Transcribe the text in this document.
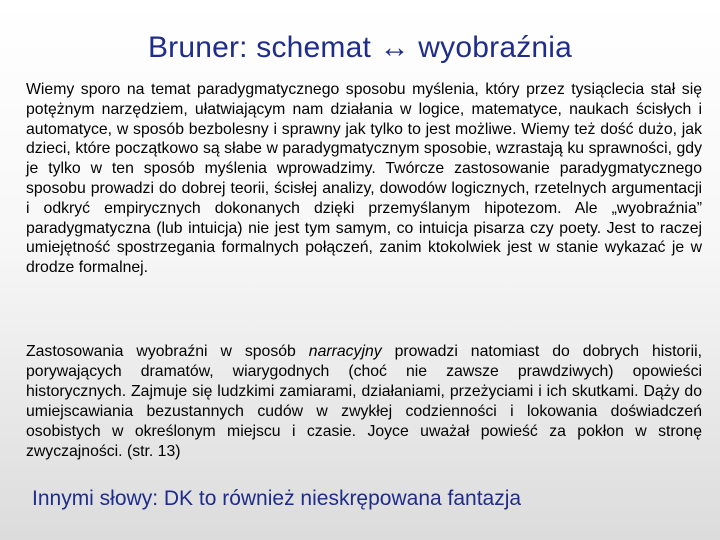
Bruner: schemat ↔ wyobraźnia
Wiemy sporo na temat paradygmatycznego sposobu myślenia, który przez tysiąclecia stał się potężnym narzędziem, ułatwiającym nam działania w logice, matematyce, naukach ścisłych i automatyce, w sposób bezbolesny i sprawny jak tylko to jest możliwe. Wiemy też dość dużo, jak dzieci, które początkowo są słabe w paradygmatycznym sposobie, wzrastają ku sprawności, gdy je tylko w ten sposób myślenia wprowadzimy. Twórcze zastosowanie paradygmatycznego sposobu prowadzi do dobrej teorii, ścisłej analizy, dowodów logicznych, rzetelnych argumentacji i odkryć empirycznych dokonanych dzięki przemyślanym hipotezom. Ale „wyobraźnia” paradygmatyczna (lub intuicja) nie jest tym samym, co intuicja pisarza czy poety. Jest to raczej umiejętność spostrzegania formalnych połączeń, zanim ktokolwiek jest w stanie wykazać je w drodze formalnej.
Zastosowania wyobraźni w sposób narracyjny prowadzi natomiast do dobrych historii, porywających dramatów, wiarygodnych (choć nie zawsze prawdziwych) opowieści historycznych. Zajmuje się ludzkimi zamiarami, działaniami, przeżyciami i ich skutkami. Dąży do umiejscawiania bezustannych cudów w zwykłej codzienności i lokowania doświadczeń osobistych w określonym miejscu i czasie. Joyce uważał powieść za pokłon w stronę zwyczajności. (str. 13)
Innymi słowy: DK to również nieskrępowana fantazja
